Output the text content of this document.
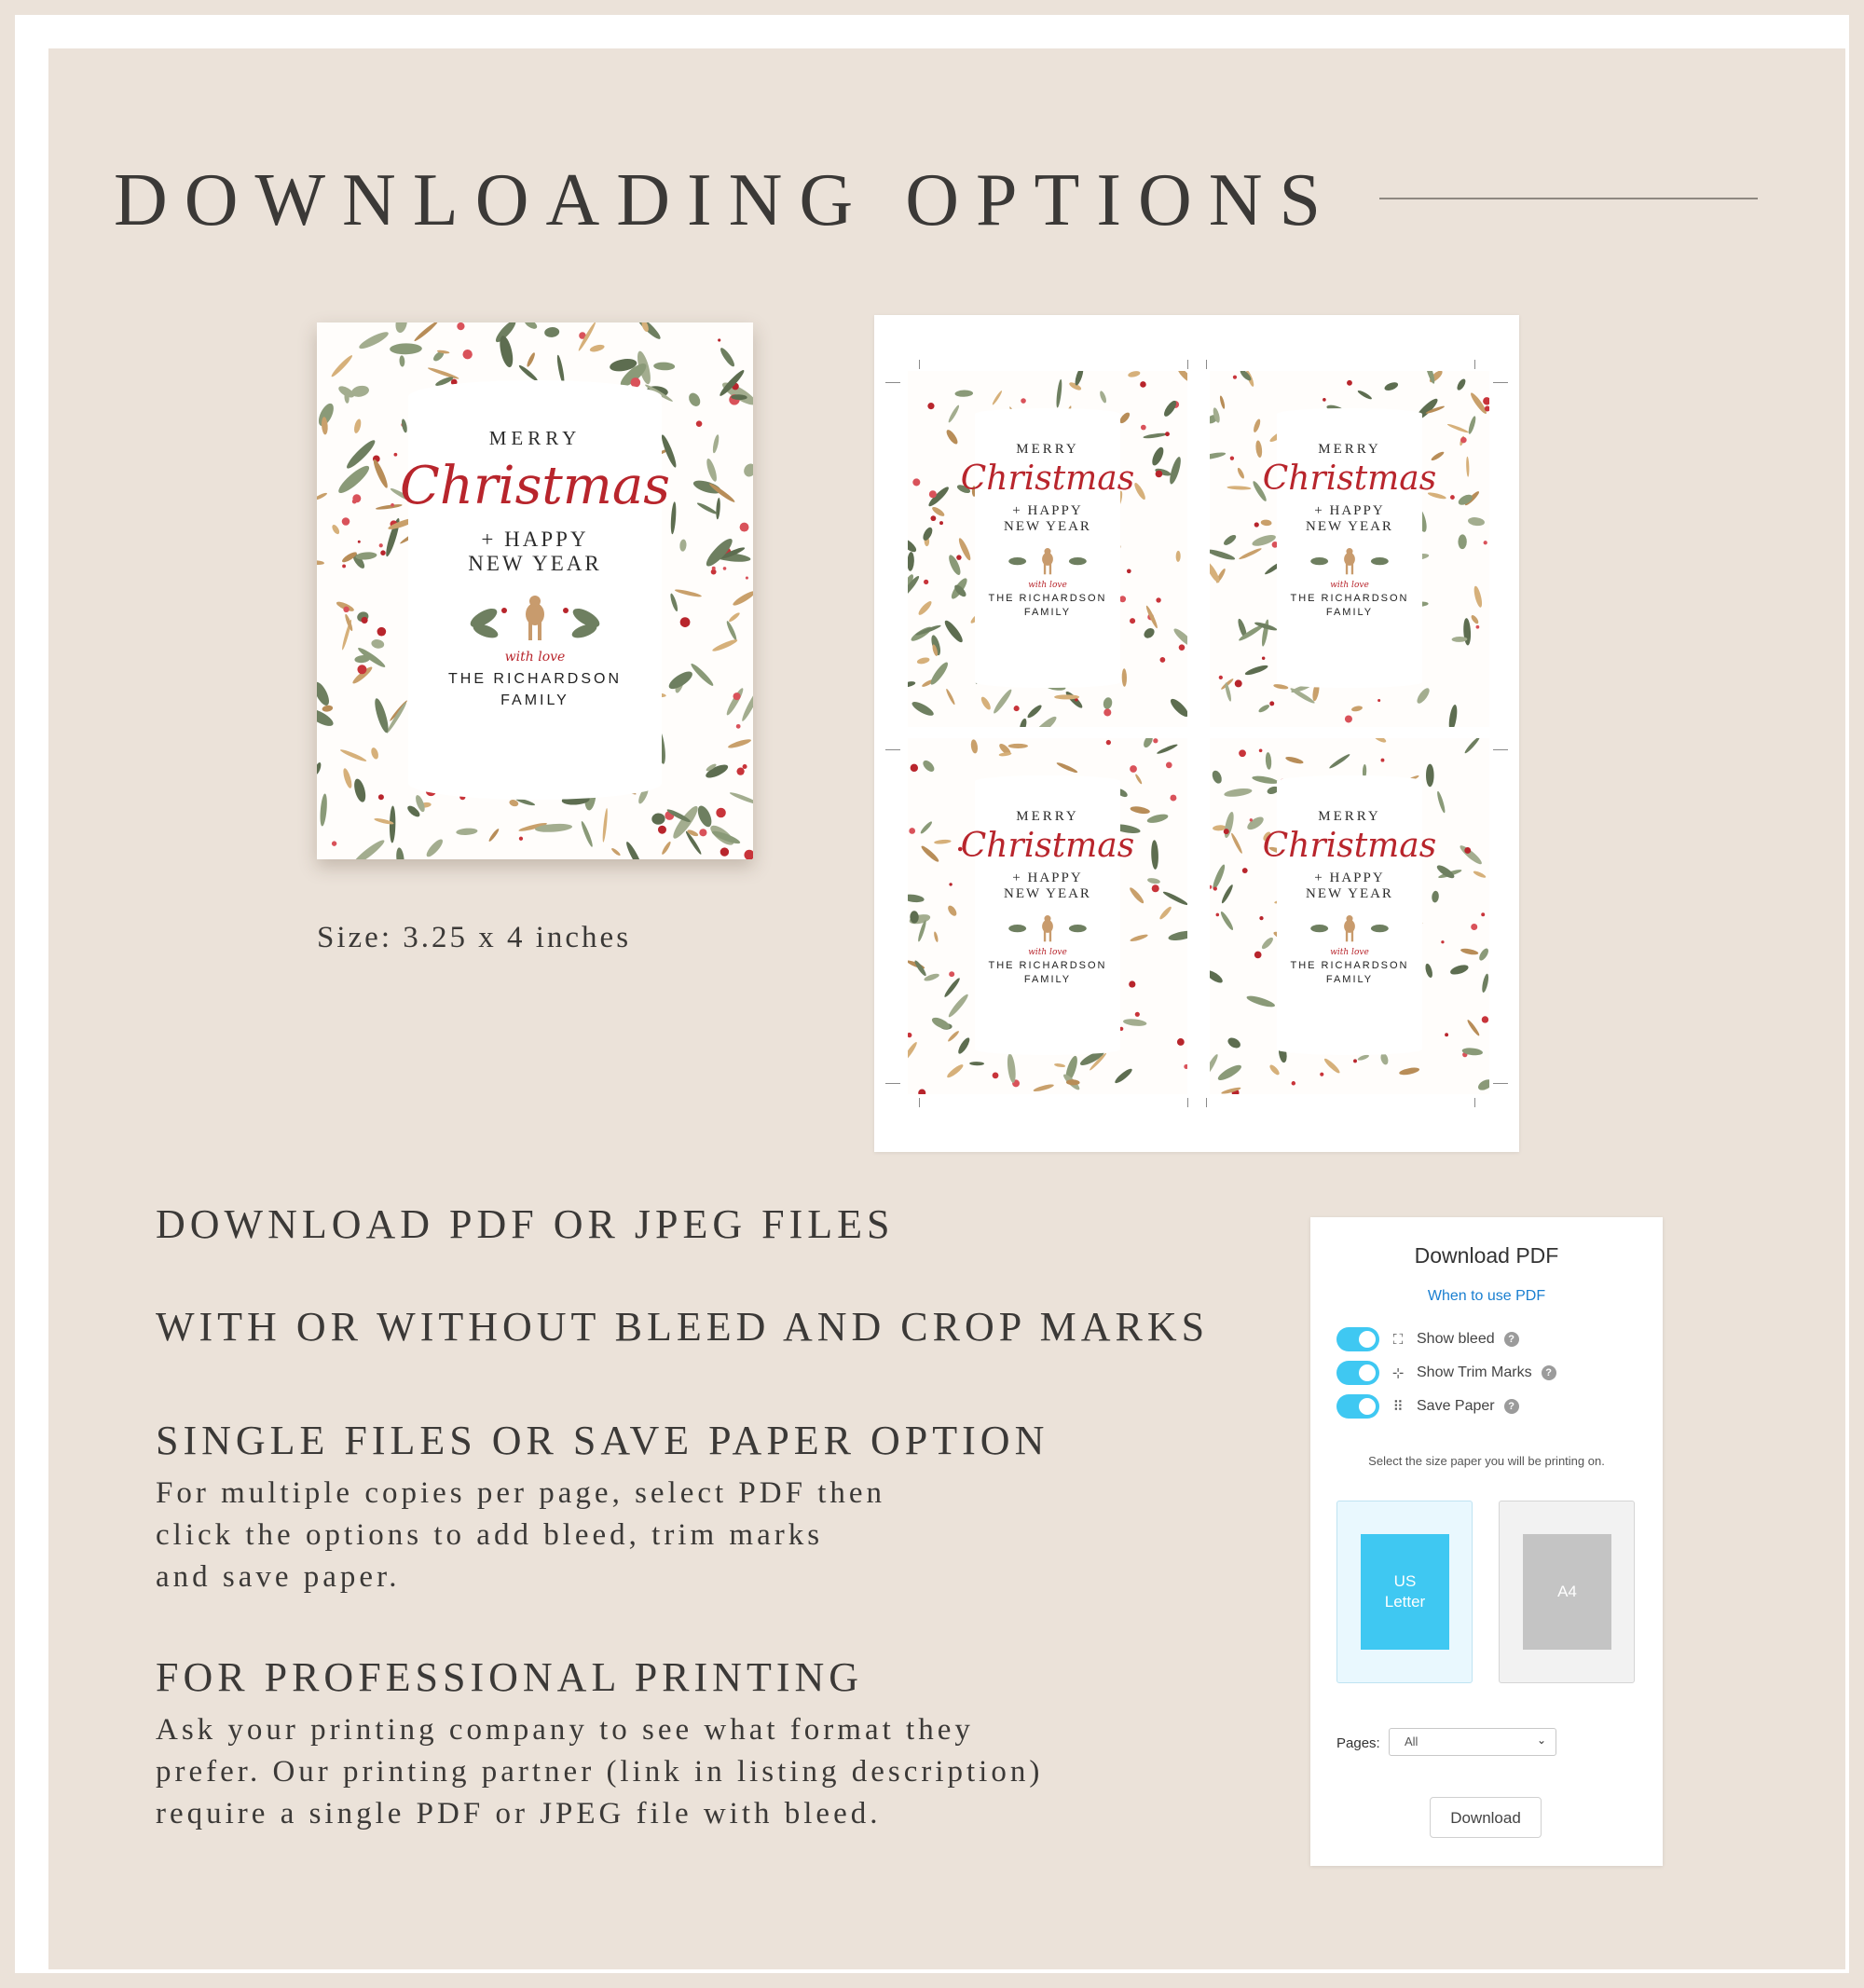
DOWNLOADING OPTIONS
MERRY
Christmas
+ HAPPY
NEW YEAR
with love
THE RICHARDSON
FAMILY
Size: 3.25 x 4 inches
MERRY
Christmas
+ HAPPY
NEW YEAR
with love
THE RICHARDSON
FAMILY
MERRY
Christmas
+ HAPPY
NEW YEAR
with love
THE RICHARDSON
FAMILY
MERRY
Christmas
+ HAPPY
NEW YEAR
with love
THE RICHARDSON
FAMILY
MERRY
Christmas
+ HAPPY
NEW YEAR
with love
THE RICHARDSON
FAMILY
DOWNLOAD PDF OR JPEG FILES
WITH OR WITHOUT BLEED AND CROP MARKS
SINGLE FILES OR SAVE PAPER OPTION
For multiple copies per page, select PDF then
click the options to add bleed, trim marks
and save paper.
FOR PROFESSIONAL PRINTING
Ask your printing company to see what format they
prefer. Our printing partner (link in listing description)
require a single PDF or JPEG file with bleed.
Download PDF
When to use PDF
⛶ Show bleed	?
⊹ Show Trim Marks	?
⠿ Save Paper	?
Select the size paper you will be printing on.
US
Letter
A4
Pages:	All	⌄
Download
